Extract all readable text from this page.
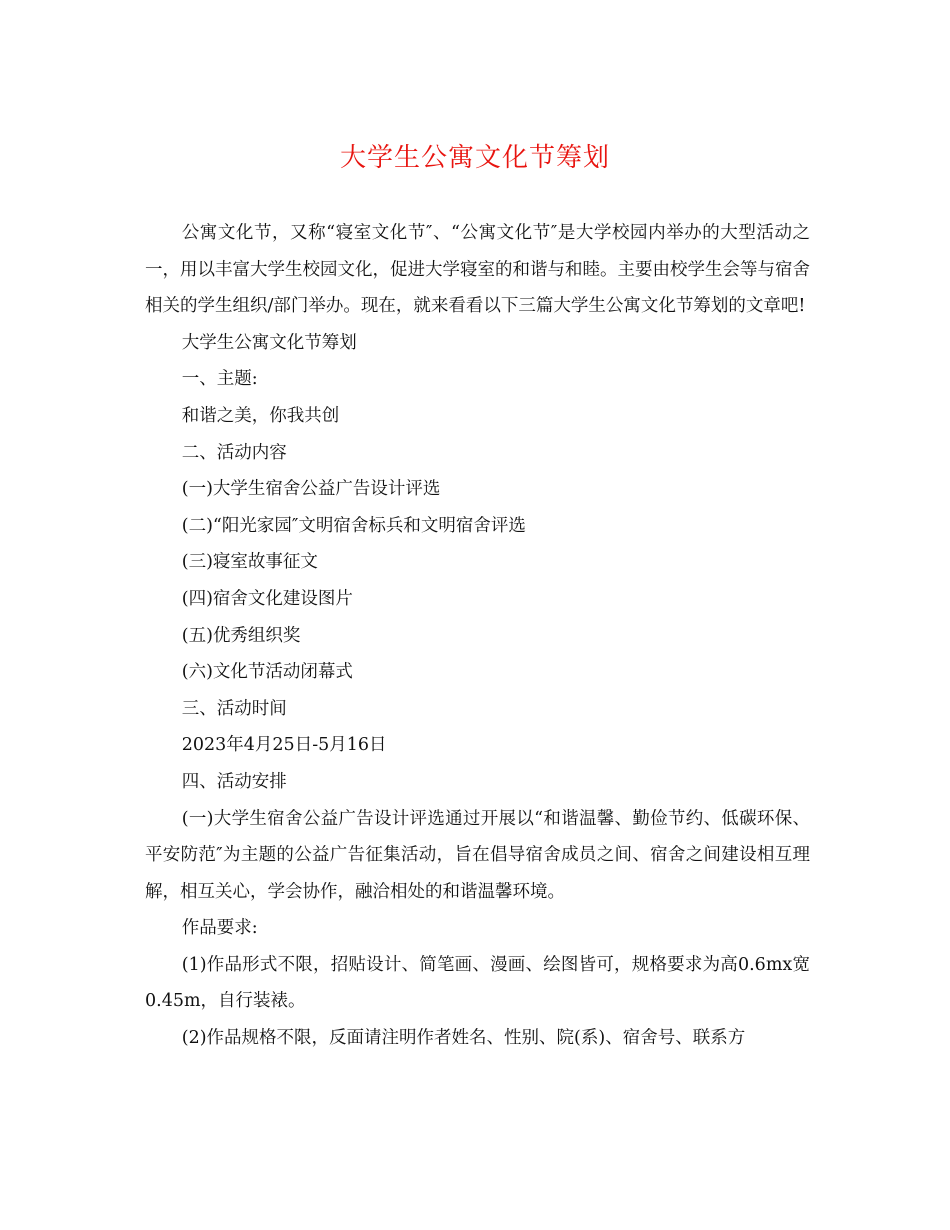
大学生公寓文化节筹划

公寓文化节，又称“寝室文化节″、“公寓文化节″是大学校园内举办的大型活动之一，用以丰富大学生校园文化，促进大学寝室的和谐与和睦。主要由校学生会等与宿舍相关的学生组织/部门举办。现在，就来看看以下三篇大学生公寓文化节筹划的文章吧!

大学生公寓文化节筹划

一、主题:

和谐之美，你我共创

二、活动内容

(一)大学生宿舍公益广告设计评选

(二)“阳光家园″文明宿舍标兵和文明宿舍评选

(三)寝室故事征文

(四)宿舍文化建设图片

(五)优秀组织奖

(六)文化节活动闭幕式

三、活动时间

2023年4月25日-5月16日

四、活动安排

(一)大学生宿舍公益广告设计评选通过开展以“和谐温馨、勤俭节约、低碳环保、平安防范″为主题的公益广告征集活动，旨在倡导宿舍成员之间、宿舍之间建设相互理解，相互关心，学会协作，融洽相处的和谐温馨环境。

作品要求:

(1)作品形式不限，招贴设计、简笔画、漫画、绘图皆可，规格要求为高0.6mx宽0.45m，自行装裱。

(2)作品规格不限，反面请注明作者姓名、性别、院(系)、宿舍号、联系方
